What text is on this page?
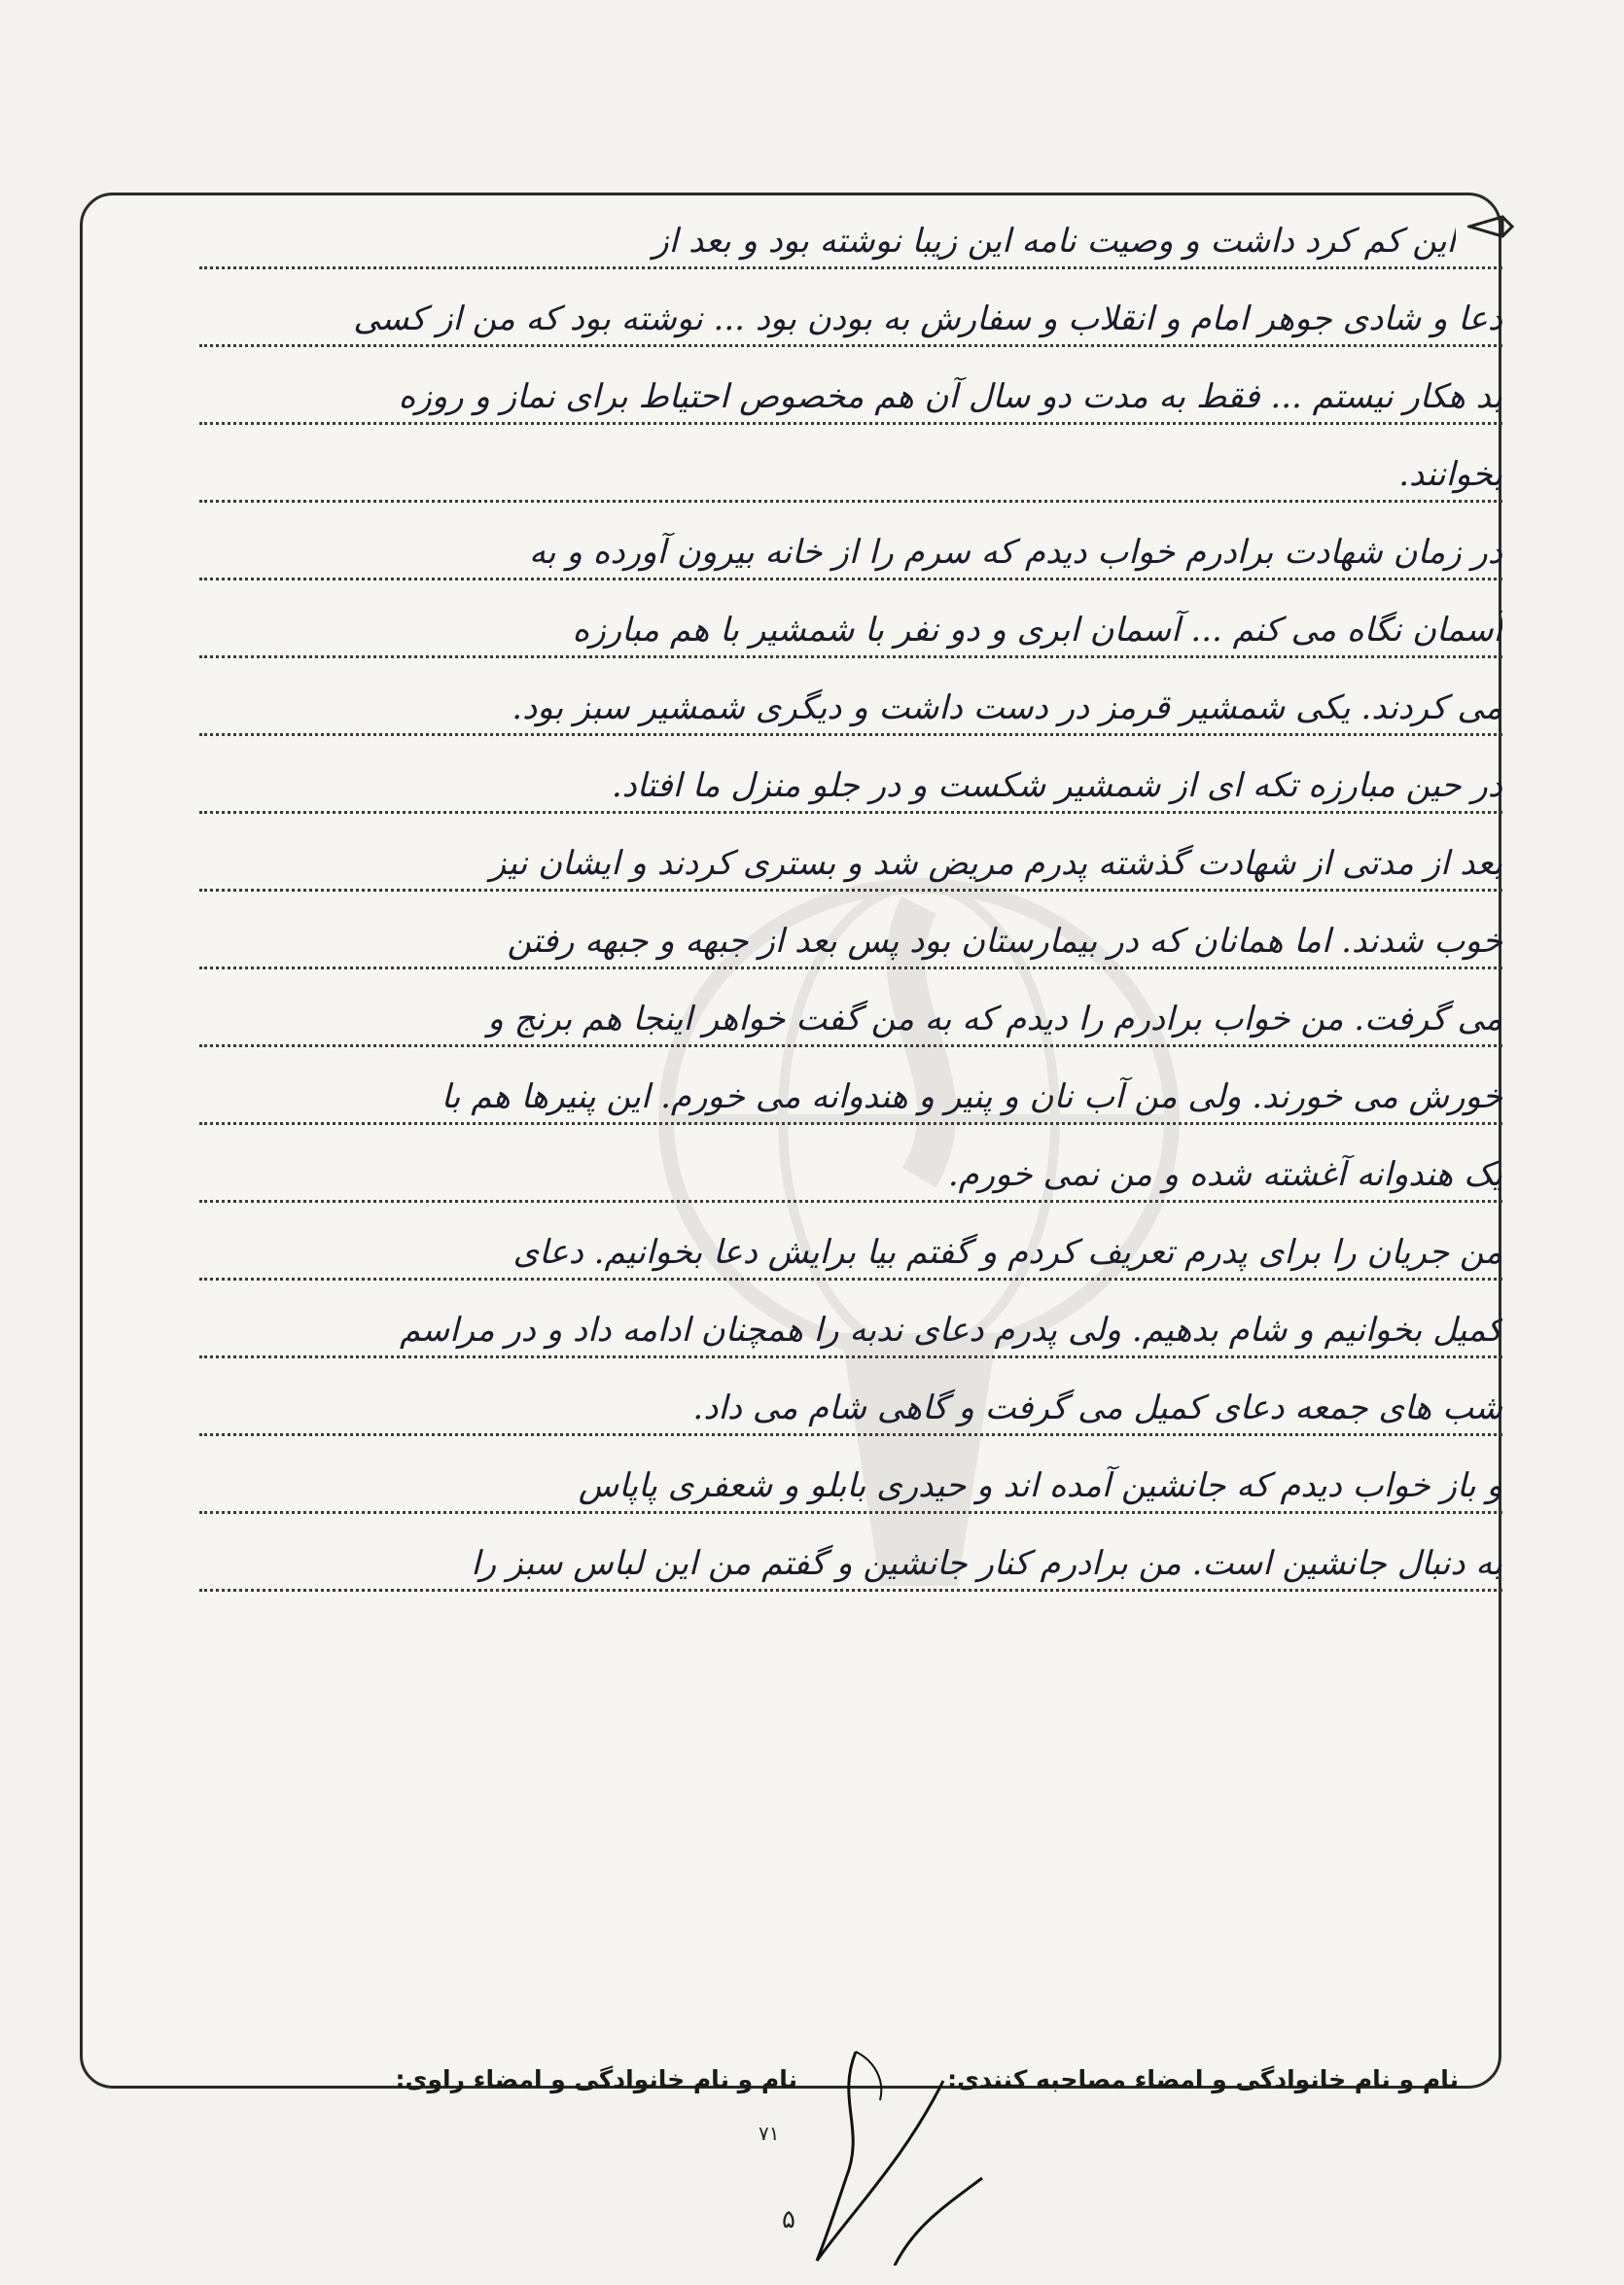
این کم کرد داشت و وصیت نامه این زیبا نوشته بود و بعد از
دعا و شادی جوهر امام و انقلاب و سفارش به بودن بود ... نوشته بود که من از کسی
بد هکار نیستم ... فقط به مدت دو سال آن هم مخصوص احتیاط برای نماز و روزه
بخوانند.
در زمان شهادت برادرم خواب دیدم که سرم را از خانه بیرون آورده و به
آسمان نگاه می کنم ... آسمان ابری و دو نفر با شمشیر با هم مبارزه
می کردند. یکی شمشیر قرمز در دست داشت و دیگری شمشیر سبز بود.
در حین مبارزه تکه ای از شمشیر شکست و در جلو منزل ما افتاد.
بعد از مدتی از شهادت گذشته پدرم مریض شد و بستری کردند و ایشان نیز
خوب شدند. اما همانان که در بیمارستان بود پس بعد از جبهه و جبهه رفتن
می گرفت. من خواب برادرم را دیدم که به من گفت خواهر اینجا هم برنج و
خورش می خورند. ولی من آب نان و پنیر و هندوانه می خورم. این پنیرها هم با
یک هندوانه آغشته شده و من نمی خورم.
من جریان را برای پدرم تعریف کردم و گفتم بیا برایش دعا بخوانیم. دعای
کمیل بخوانیم و شام بدهیم. ولی پدرم دعای ندبه را همچنان ادامه داد و در مراسم
شب های جمعه دعای کمیل می گرفت و گاهی شام می داد.
و باز خواب دیدم که جانشین آمده اند و حیدری بابلو و شعفری پاپاس
به دنبال جانشین است. من برادرم کنار جانشین و گفتم من این لباس سبز را
نام و نام خانوادگی و امضاء مصاحبه کنندی:
نام و نام خانوادگی و امضاء راوی:
٧١
۵
